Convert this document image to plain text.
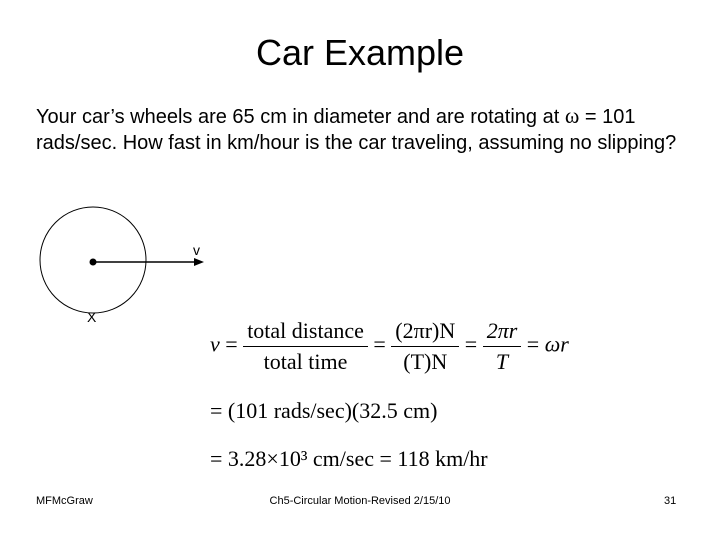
Car Example
Your car’s wheels are 65 cm in diameter and are rotating at ω = 101 rads/sec. How fast in km/hour is the car traveling, assuming no slipping?
v
X
$v = \frac{\text{total distance}}{\text{total time}} = \frac{(2\pi r)N}{(T)N} = \frac{2\pi r}{T} = \omega r$
= (101 rads/sec)(32.5 cm)
= 3.28×10³ cm/sec = 118 km/hr
MFMcGraw	Ch5-Circular Motion-Revised 2/15/10	31
